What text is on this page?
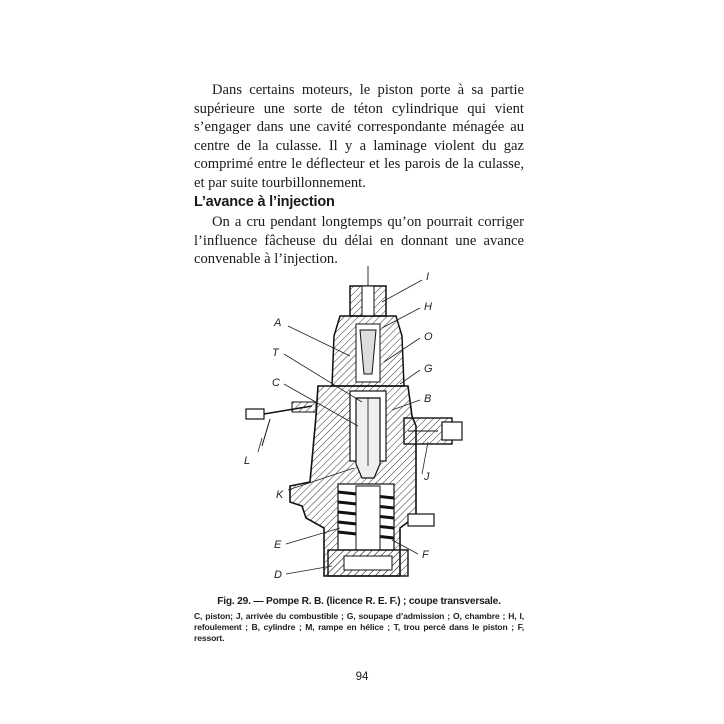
Dans certains moteurs, le piston porte à sa partie supérieure une sorte de téton cylindrique qui vient s’engager dans une cavité correspondante ménagée au centre de la culasse. Il y a laminage violent du gaz comprimé entre le déflecteur et les parois de la culasse, et par suite tourbillonnement.

L’avance à l’injection

On a cru pendant longtemps qu’on pourrait corriger l’influence fâcheuse du délai en donnant une avance convenable à l’injection.

I
H
A
O
T
G
C
B
L
J
K
E
F
D
Fig. 29. — Pompe R. B. (licence R. E. F.) ; coupe transversale.
C, piston; J, arrivée du combustible ; G, soupape d’admission ; O, chambre ; H, I, refoulement ; B, cylindre ; M, rampe en hélice ; T, trou percé dans le piston ; F, ressort.
94
